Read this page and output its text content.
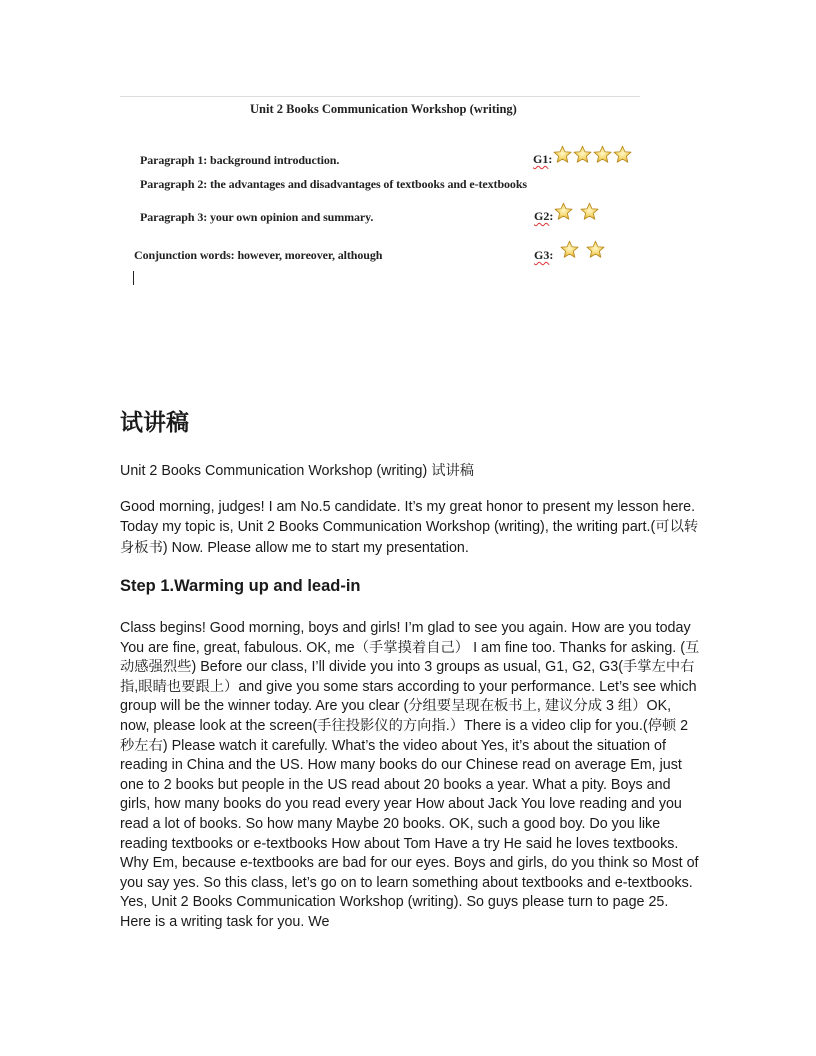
Unit 2 Books Communication Workshop (writing)
Paragraph 1: background introduction.
Paragraph 2: the advantages and disadvantages of textbooks and e-textbooks
Paragraph 3: your own opinion and summary.
Conjunction words: however, moreover, although
G1:
G2:
G3:
试讲稿

Unit 2 Books Communication Workshop (writing) 试讲稿

Good morning, judges! I am No.5 candidate. It’s my great honor to present my lesson here. Today my topic is, Unit 2 Books Communication Workshop (writing), the writing part.(可以转身板书) Now. Please allow me to start my presentation.

Step 1.Warming up and lead-in

Class begins! Good morning, boys and girls! I’m glad to see you again. How are you today You are fine, great, fabulous. OK, me（手掌摸着自己） I am fine too. Thanks for asking. (互动感强烈些) Before our class, I’ll divide you into 3 groups as usual, G1, G2, G3(手掌左中右指,眼睛也要跟上）and give you some stars according to your performance. Let’s see which group will be the winner today. Are you clear (分组要呈现在板书上, 建议分成 3 组）OK, now, please look at the screen(手往投影仪的方向指.）There is a video clip for you.(停顿 2 秒左右) Please watch it carefully. What’s the video about Yes, it’s about the situation of reading in China and the US. How many books do our Chinese read on average Em, just one to 2 books but people in the US read about 20 books a year. What a pity. Boys and girls, how many books do you read every year How about Jack You love reading and you read a lot of books. So how many Maybe 20 books. OK, such a good boy. Do you like reading textbooks or e-textbooks How about Tom Have a try He said he loves textbooks. Why Em, because e-textbooks are bad for our eyes. Boys and girls, do you think so Most of you say yes. So this class, let’s go on to learn something about textbooks and e-textbooks. Yes, Unit 2 Books Communication Workshop (writing). So guys please turn to page 25. Here is a writing task for you. We
